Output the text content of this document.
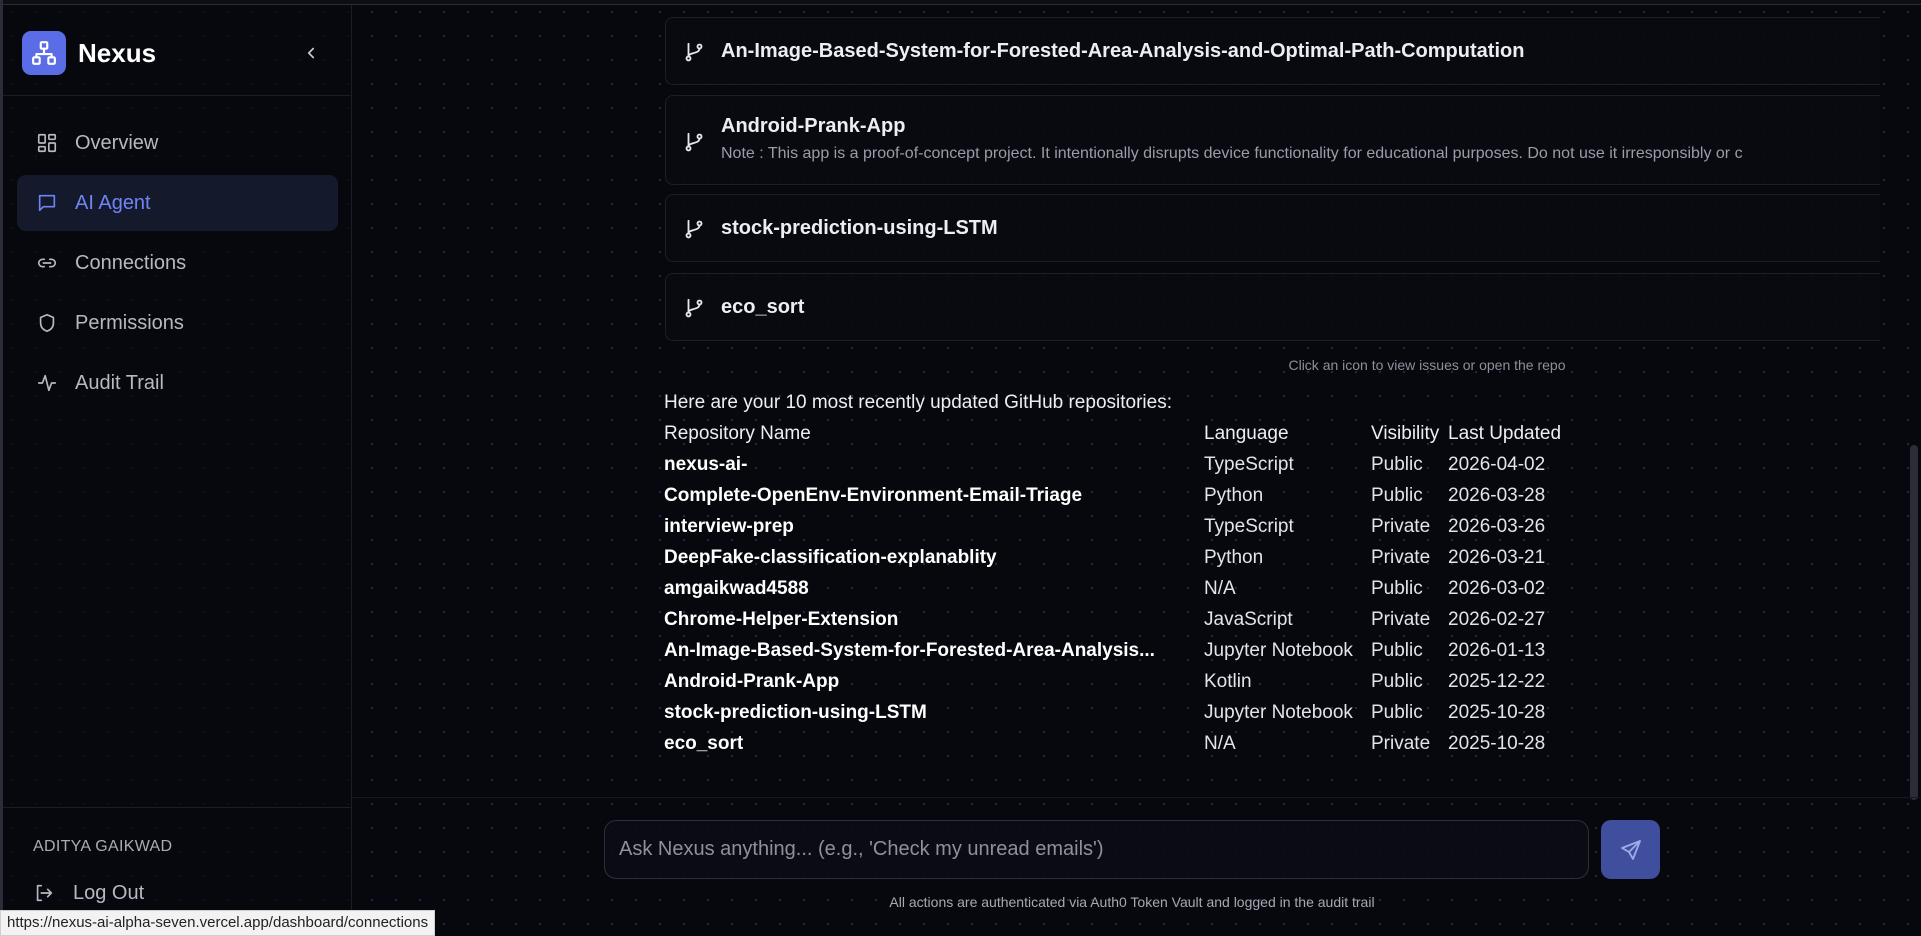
Nexus
Overview
AI Agent
Connections
Permissions
Audit Trail
ADITYA GAIKWAD
Log Out
An-Image-Based-System-for-Forested-Area-Analysis-and-Optimal-Path-Computation
Android-Prank-App
Note : This app is a proof-of-concept project. It intentionally disrupts device functionality for educational purposes. Do not use it irresponsibly or c
stock-prediction-using-LSTM
eco_sort
Click an icon to view issues or open the repo
Here are your 10 most recently updated GitHub repositories:
Repository Name	Language	Visibility	Last Updated
nexus-ai-	TypeScript	Public	2026-04-02
Complete-OpenEnv-Environment-Email-Triage	Python	Public	2026-03-28
interview-prep	TypeScript	Private	2026-03-26
DeepFake-classification-explanablity	Python	Private	2026-03-21
amgaikwad4588	N/A	Public	2026-03-02
Chrome-Helper-Extension	JavaScript	Private	2026-02-27
An-Image-Based-System-for-Forested-Area-Analysis...	Jupyter Notebook	Public	2026-01-13
Android-Prank-App	Kotlin	Public	2025-12-22
stock-prediction-using-LSTM	Jupyter Notebook	Public	2025-10-28
eco_sort	N/A	Private	2025-10-28
Ask Nexus anything... (e.g., 'Check my unread emails')
All actions are authenticated via Auth0 Token Vault and logged in the audit trail
https://nexus-ai-alpha-seven.vercel.app/dashboard/connections
